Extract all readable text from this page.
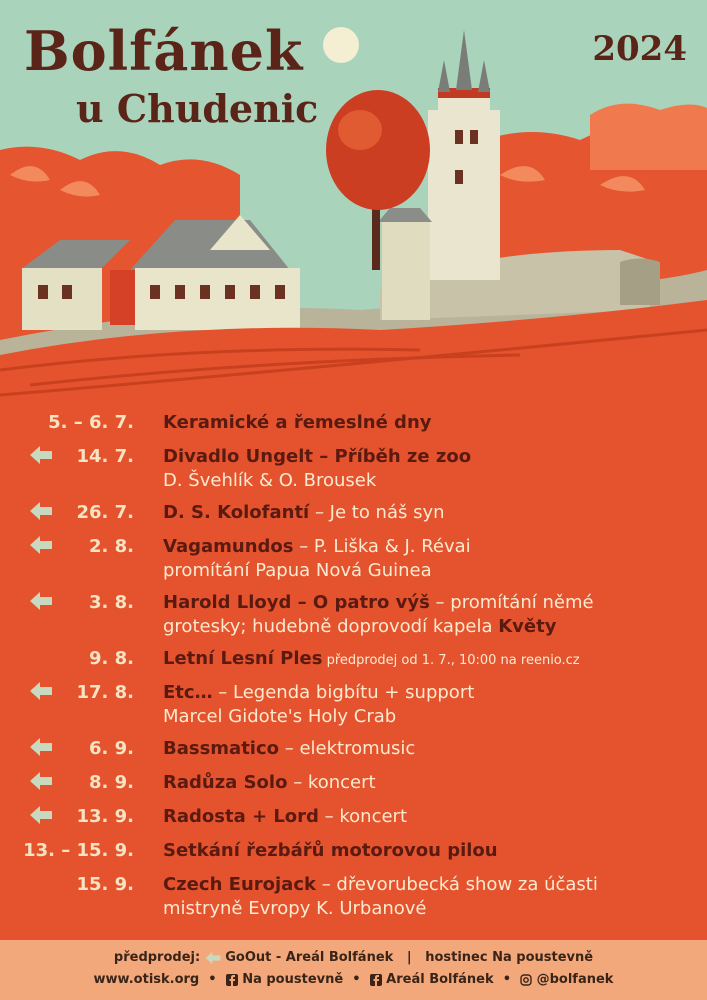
Bolfánek
u Chudenic
2024
5. – 6. 7. Keramické a řemeslné dny
14. 7. Divadlo Ungelt – Příběh ze zoo
D. Švehlík & O. Brousek
26. 7. D. S. Kolofantí – Je to náš syn
2. 8. Vagamundos – P. Liška & J. Révai
promítání Papua Nová Guinea
3. 8. Harold Lloyd – O patro výš – promítání němé
grotesky; hudebně doprovodí kapela Květy
9. 8. Letní Lesní Ples předprodej od 1. 7., 10:00 na reenio.cz
17. 8. Etc… – Legenda bigbítu + support
Marcel Gidote's Holy Crab
6. 9. Bassmatico – elektromusic
8. 9. Radůza Solo – koncert
13. 9. Radosta + Lord – koncert
13. – 15. 9. Setkání řezbářů motorovou pilou
15. 9. Czech Eurojack – dřevorubecká show za účasti
mistryně Evropy K. Urbanové
předprodej: GoOut - Areál Bolfánek | hostinec Na poustevně
www.otisk.org  •   Na poustevně  •   Areál Bolfánek  •   @bolfanek
